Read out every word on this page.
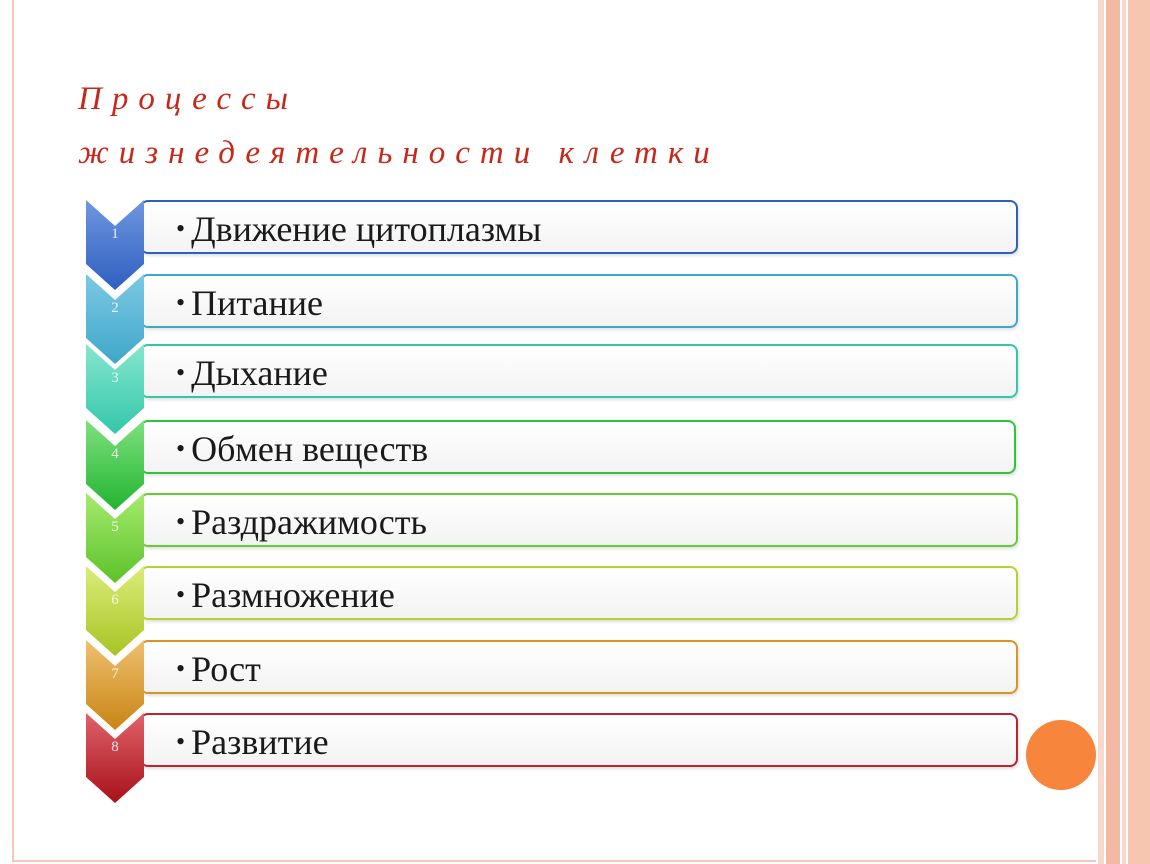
Процессы
жизнедеятельности клетки
• Движение цитоплазмы
1
• Питание
2
• Дыхание
3
• Обмен веществ
4
• Раздражимость
5
• Размножение
6
• Рост
7
• Развитие
8
